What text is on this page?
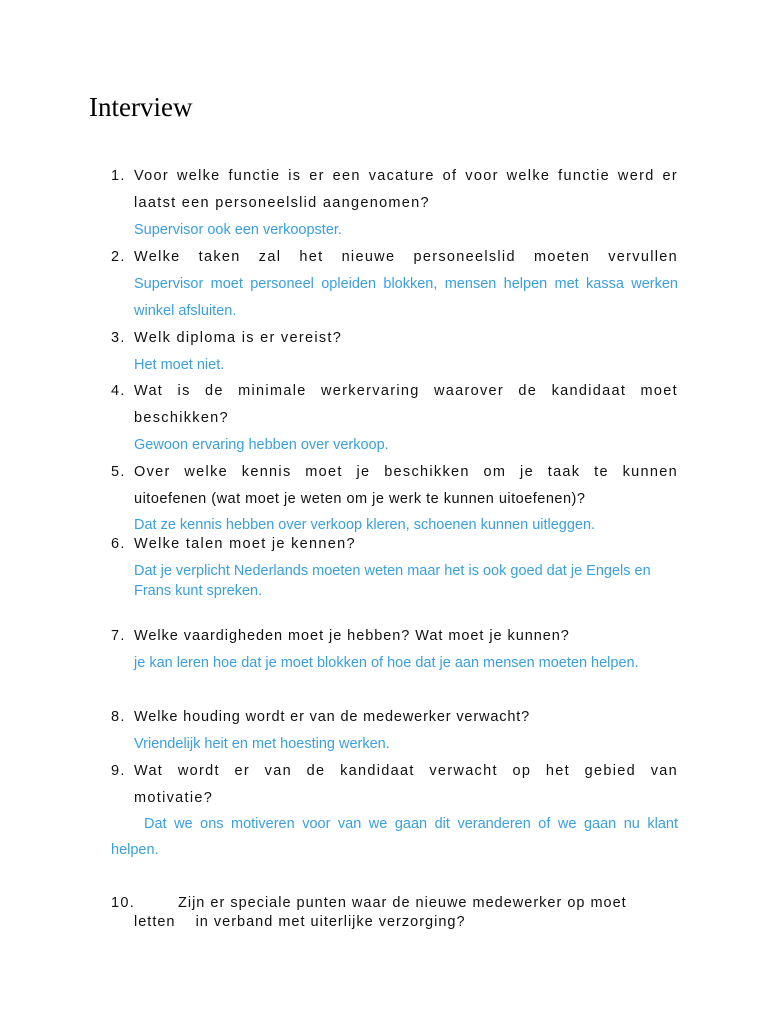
Interview
1. Voor welke functie is er een vacature of voor welke functie werd er
laatst een personeelslid aangenomen?
Supervisor ook een verkoopster.
2. Welke taken zal het nieuwe personeelslid moeten vervullen
Supervisor moet personeel opleiden blokken, mensen helpen met kassa werken
winkel afsluiten.
3. Welk diploma is er vereist?
Het moet niet.
4. Wat is de minimale werkervaring waarover de kandidaat moet
beschikken?
Gewoon ervaring hebben over verkoop.
5. Over welke kennis moet je beschikken om je taak te kunnen
uitoefenen (wat moet je weten om je werk te kunnen uitoefenen)?
Dat ze kennis hebben over verkoop kleren, schoenen kunnen uitleggen.
6. Welke talen moet je kennen?
Dat je verplicht Nederlands moeten weten maar het is ook goed dat je Engels en
Frans kunt spreken.
7. Welke vaardigheden moet je hebben? Wat moet je kunnen?
je kan leren hoe dat je moet blokken of hoe dat je aan mensen moeten helpen.
8. Welke houding wordt er van de medewerker verwacht?
Vriendelijk heit en met hoesting werken.
9. Wat wordt er van de kandidaat verwacht op het gebied van
motivatie?
Dat we ons motiveren voor van we gaan dit veranderen of we gaan nu klant
helpen.
10.	Zijn er speciale punten waar de nieuwe medewerker op moet
letten    in verband met uiterlijke verzorging?
